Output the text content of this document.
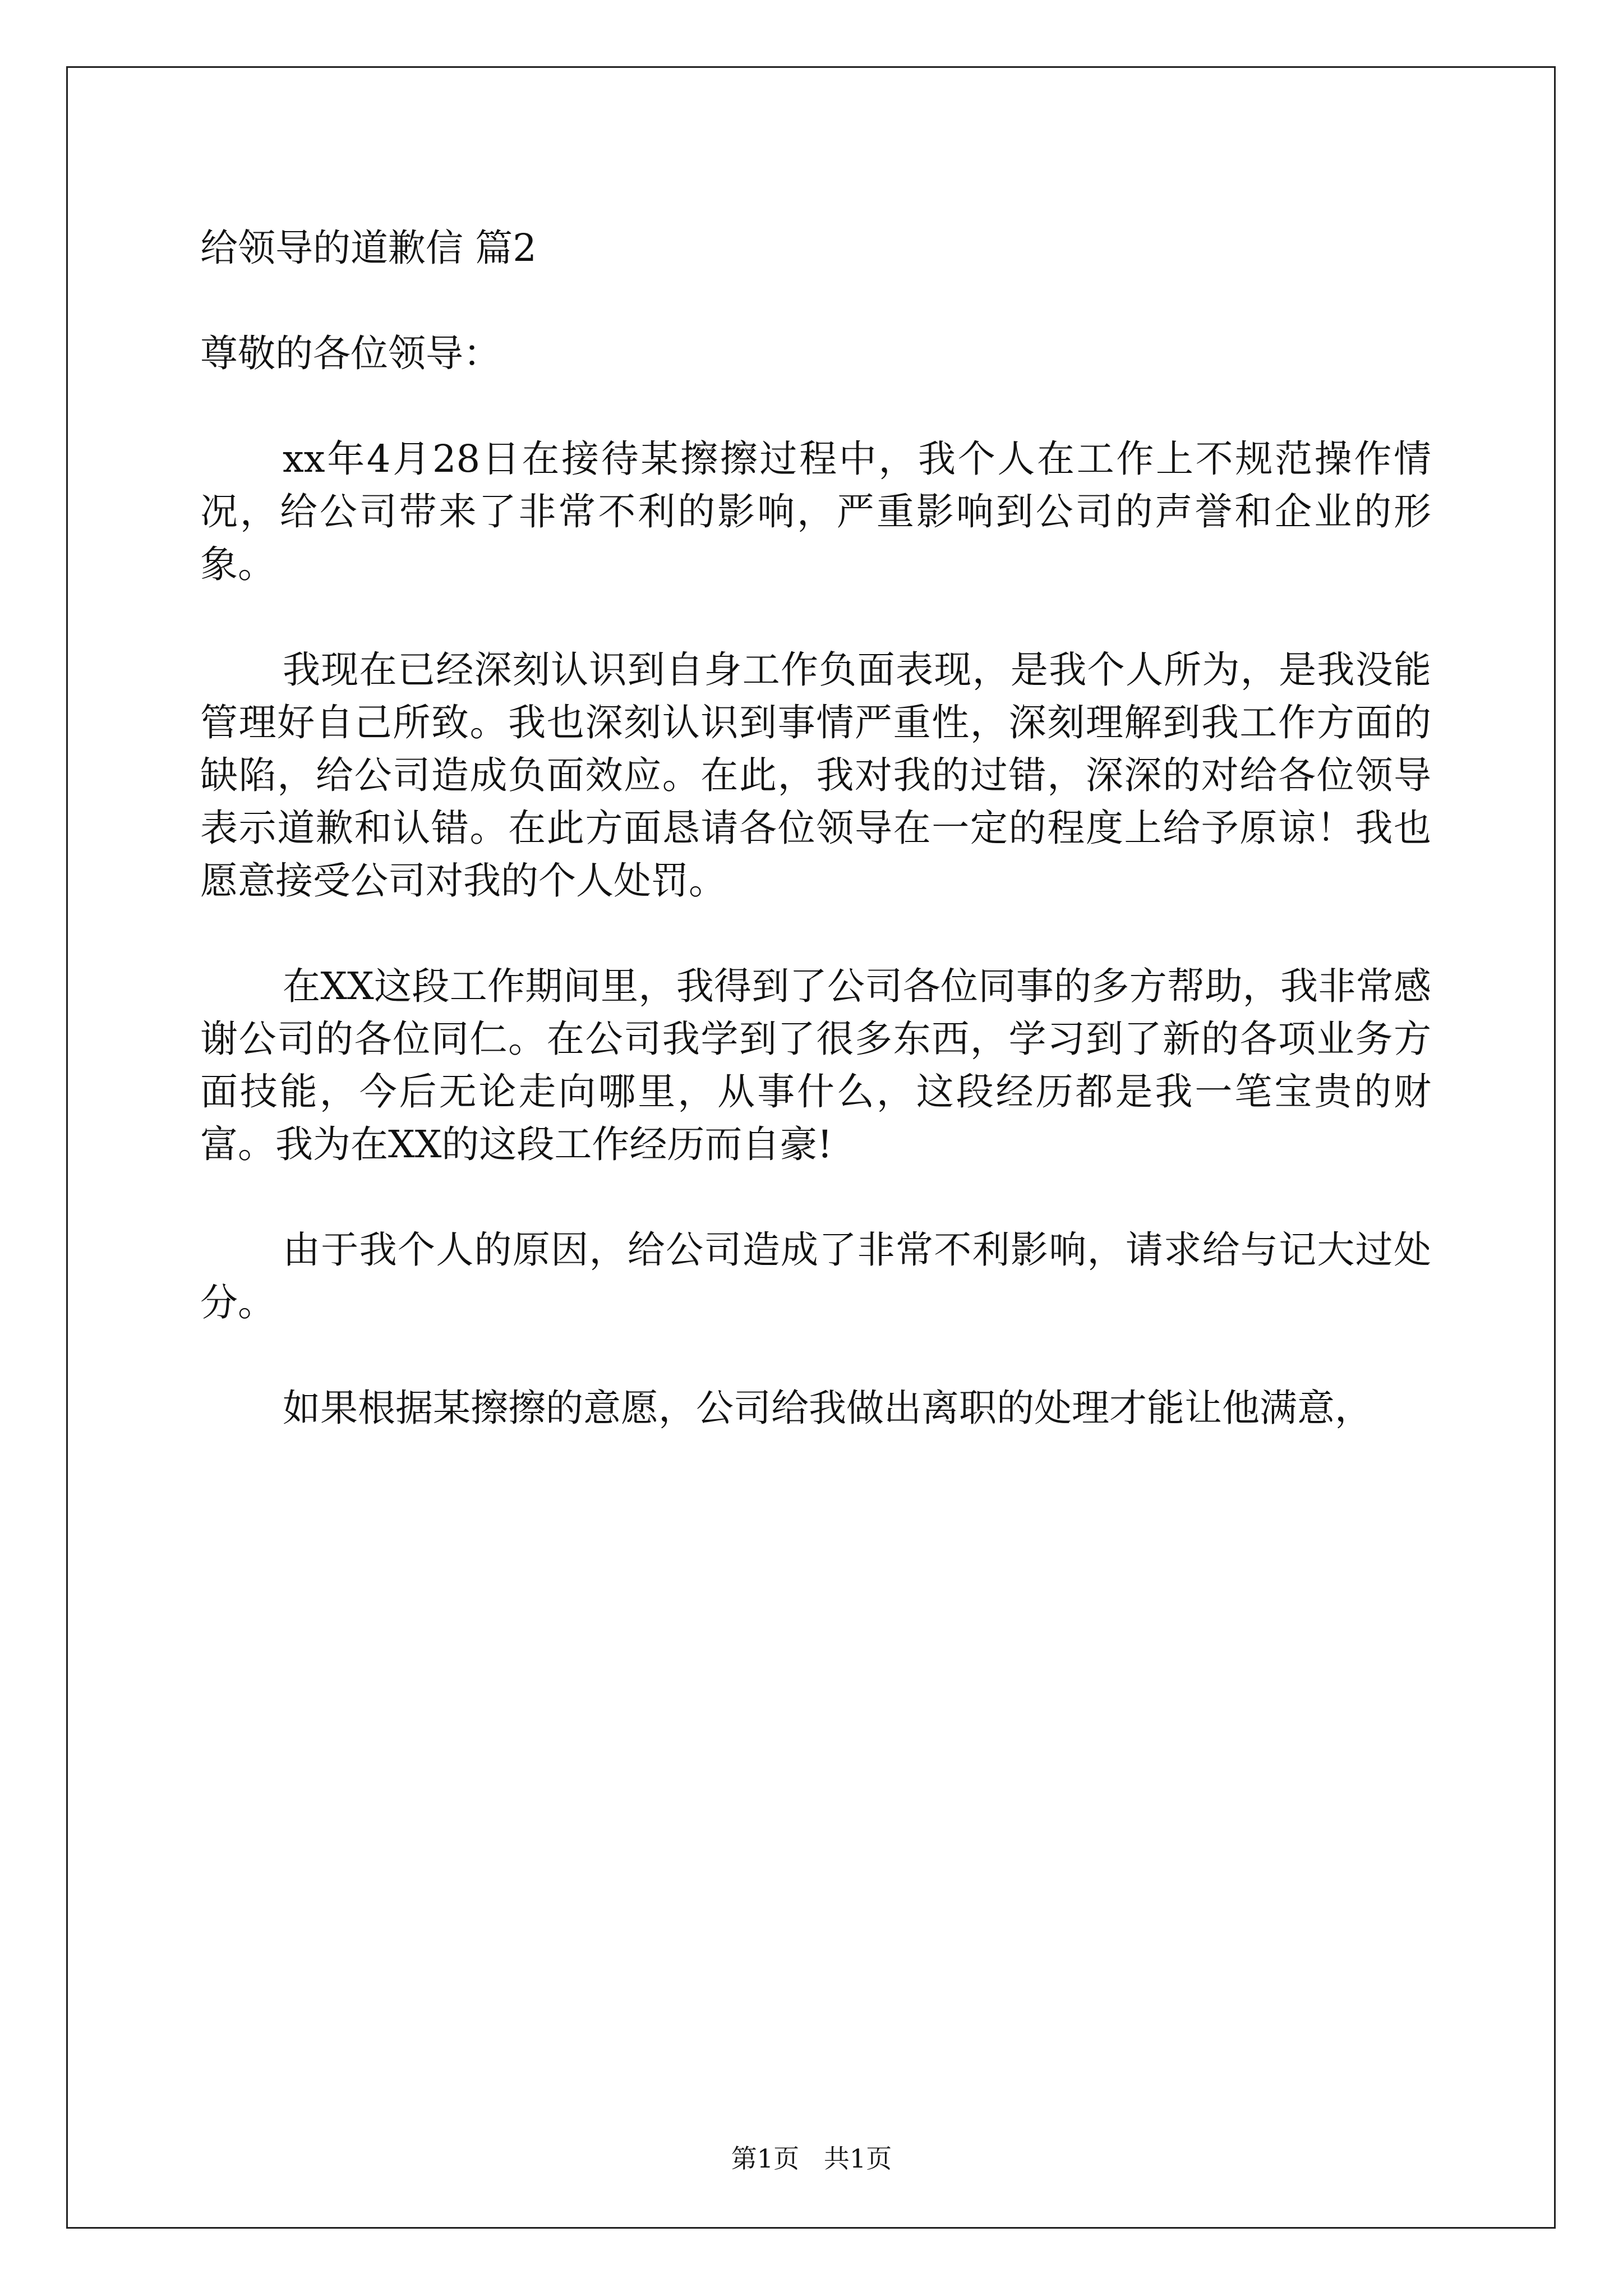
给领导的道歉信 篇2

尊敬的各位领导：

xx年4月28日在接待某擦擦过程中，我个人在工作上不规范操作情况，给公司带来了非常不利的影响，严重影响到公司的声誉和企业的形象。

我现在已经深刻认识到自身工作负面表现，是我个人所为，是我没能管理好自己所致。我也深刻认识到事情严重性，深刻理解到我工作方面的缺陷，给公司造成负面效应。在此，我对我的过错，深深的对给各位领导表示道歉和认错。在此方面恳请各位领导在一定的程度上给予原谅！我也愿意接受公司对我的个人处罚。

在XX这段工作期间里，我得到了公司各位同事的多方帮助，我非常感谢公司的各位同仁。在公司我学到了很多东西，学习到了新的各项业务方面技能，今后无论走向哪里，从事什么，这段经历都是我一笔宝贵的财富。我为在XX的这段工作经历而自豪!

由于我个人的原因，给公司造成了非常不利影响，请求给与记大过处分。

如果根据某擦擦的意愿，公司给我做出离职的处理才能让他满意，

第1页   共1页
